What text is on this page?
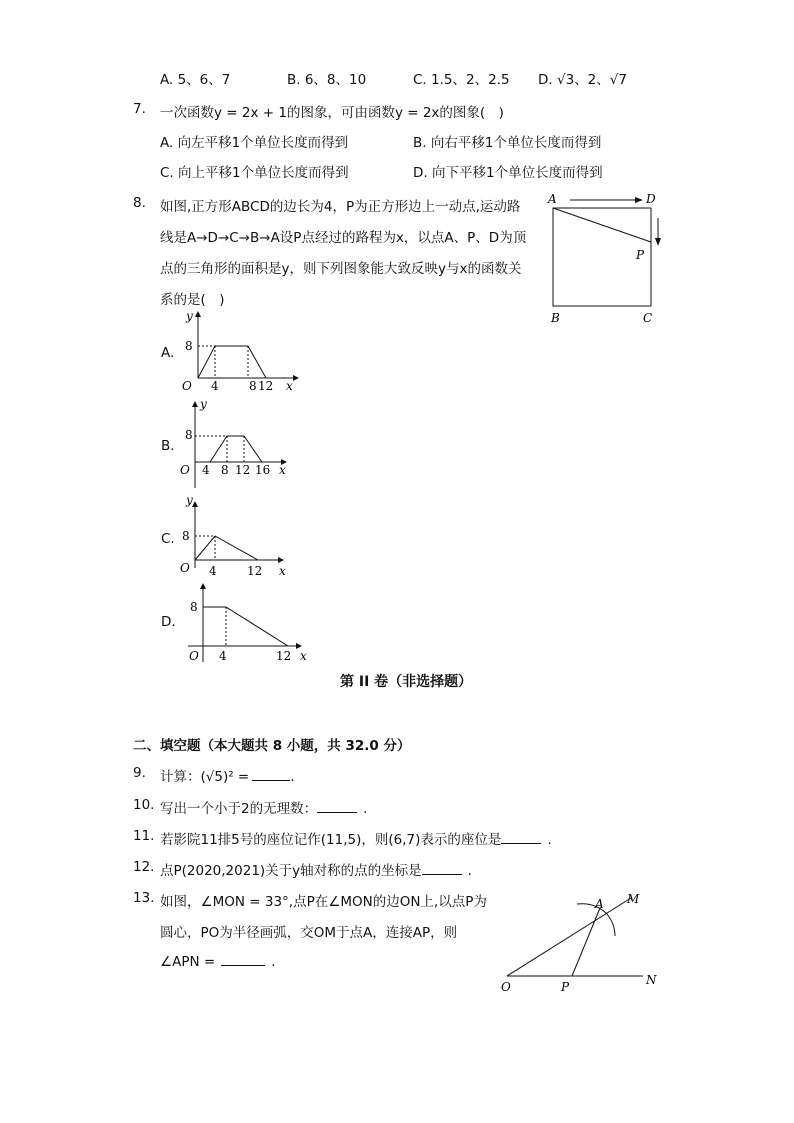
A. 5、6、7	B. 6、8、10	C. 1.5、2、2.5 D. √3、2、√7
7. 一次函数y = 2x + 1的图象，可由函数y = 2x的图象(　)
A. 向左平移1个单位长度而得到	B. 向右平移1个单位长度而得到
C. 向上平移1个单位长度而得到	D. 向下平移1个单位长度而得到
8. 如图,正方形ABCD的边长为4，P为正方形边上一动点,运动路
线是A→D→C→B→A设P点经过的路程为x，以点A、P、D为顶
点的三角形的面积是y，则下列图象能大致反映y与x的函数关
系的是(　)
A	D
P
B	C
A.
y
8
O 4	8 12 x
B.
y
8
O 4 8 12 16 x
C.
y
8
O 4	12 x
D.
8
O 4	12 x
第 II 卷（非选择题）
二、填空题（本大题共 8 小题，共 32.0 分）
9. 计算：(√5)² =	.
10. 写出一个小于2的无理数：	.
11. 若影院11排5号的座位记作(11,5)，则(6,7)表示的座位是	.
12. 点P(2020,2021)关于y轴对称的点的坐标是	.
13. 如图，∠MON = 33°,点P在∠MON的边ON上,以点P为
圆心，PO为半径画弧，交OM于点A，连接AP，则
∠APN =	.
O	P	N
M
A
